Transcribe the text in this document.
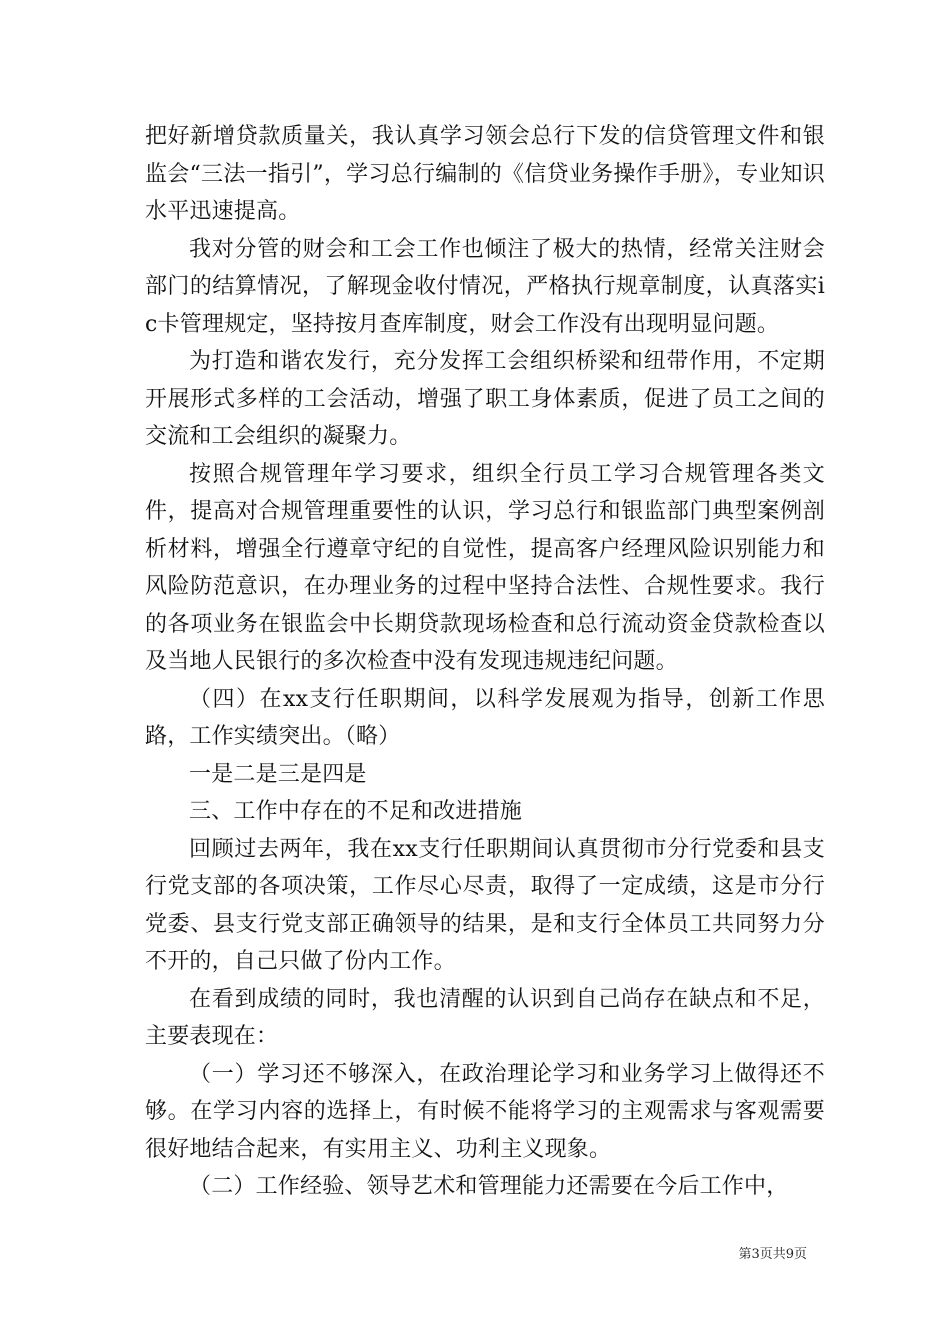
把好新增贷款质量关，我认真学习领会总行下发的信贷管理文件和银监会“三法一指引”，学习总行编制的《信贷业务操作手册》，专业知识水平迅速提高。

我对分管的财会和工会工作也倾注了极大的热情，经常关注财会部门的结算情况，了解现金收付情况，严格执行规章制度，认真落实ic卡管理规定，坚持按月查库制度，财会工作没有出现明显问题。

为打造和谐农发行，充分发挥工会组织桥梁和纽带作用，不定期开展形式多样的工会活动，增强了职工身体素质，促进了员工之间的交流和工会组织的凝聚力。

按照合规管理年学习要求，组织全行员工学习合规管理各类文件，提高对合规管理重要性的认识，学习总行和银监部门典型案例剖析材料，增强全行遵章守纪的自觉性，提高客户经理风险识别能力和风险防范意识，在办理业务的过程中坚持合法性、合规性要求。我行的各项业务在银监会中长期贷款现场检查和总行流动资金贷款检查以及当地人民银行的多次检查中没有发现违规违纪问题。

（四）在xx支行任职期间，以科学发展观为指导，创新工作思路，工作实绩突出。（略）

一是二是三是四是

三、工作中存在的不足和改进措施

回顾过去两年，我在xx支行任职期间认真贯彻市分行党委和县支行党支部的各项决策，工作尽心尽责，取得了一定成绩，这是市分行党委、县支行党支部正确领导的结果，是和支行全体员工共同努力分不开的，自己只做了份内工作。

在看到成绩的同时，我也清醒的认识到自己尚存在缺点和不足，主要表现在：

（一）学习还不够深入，在政治理论学习和业务学习上做得还不够。在学习内容的选择上，有时候不能将学习的主观需求与客观需要很好地结合起来，有实用主义、功利主义现象。

（二）工作经验、领导艺术和管理能力还需要在今后工作中，

第3页共9页
